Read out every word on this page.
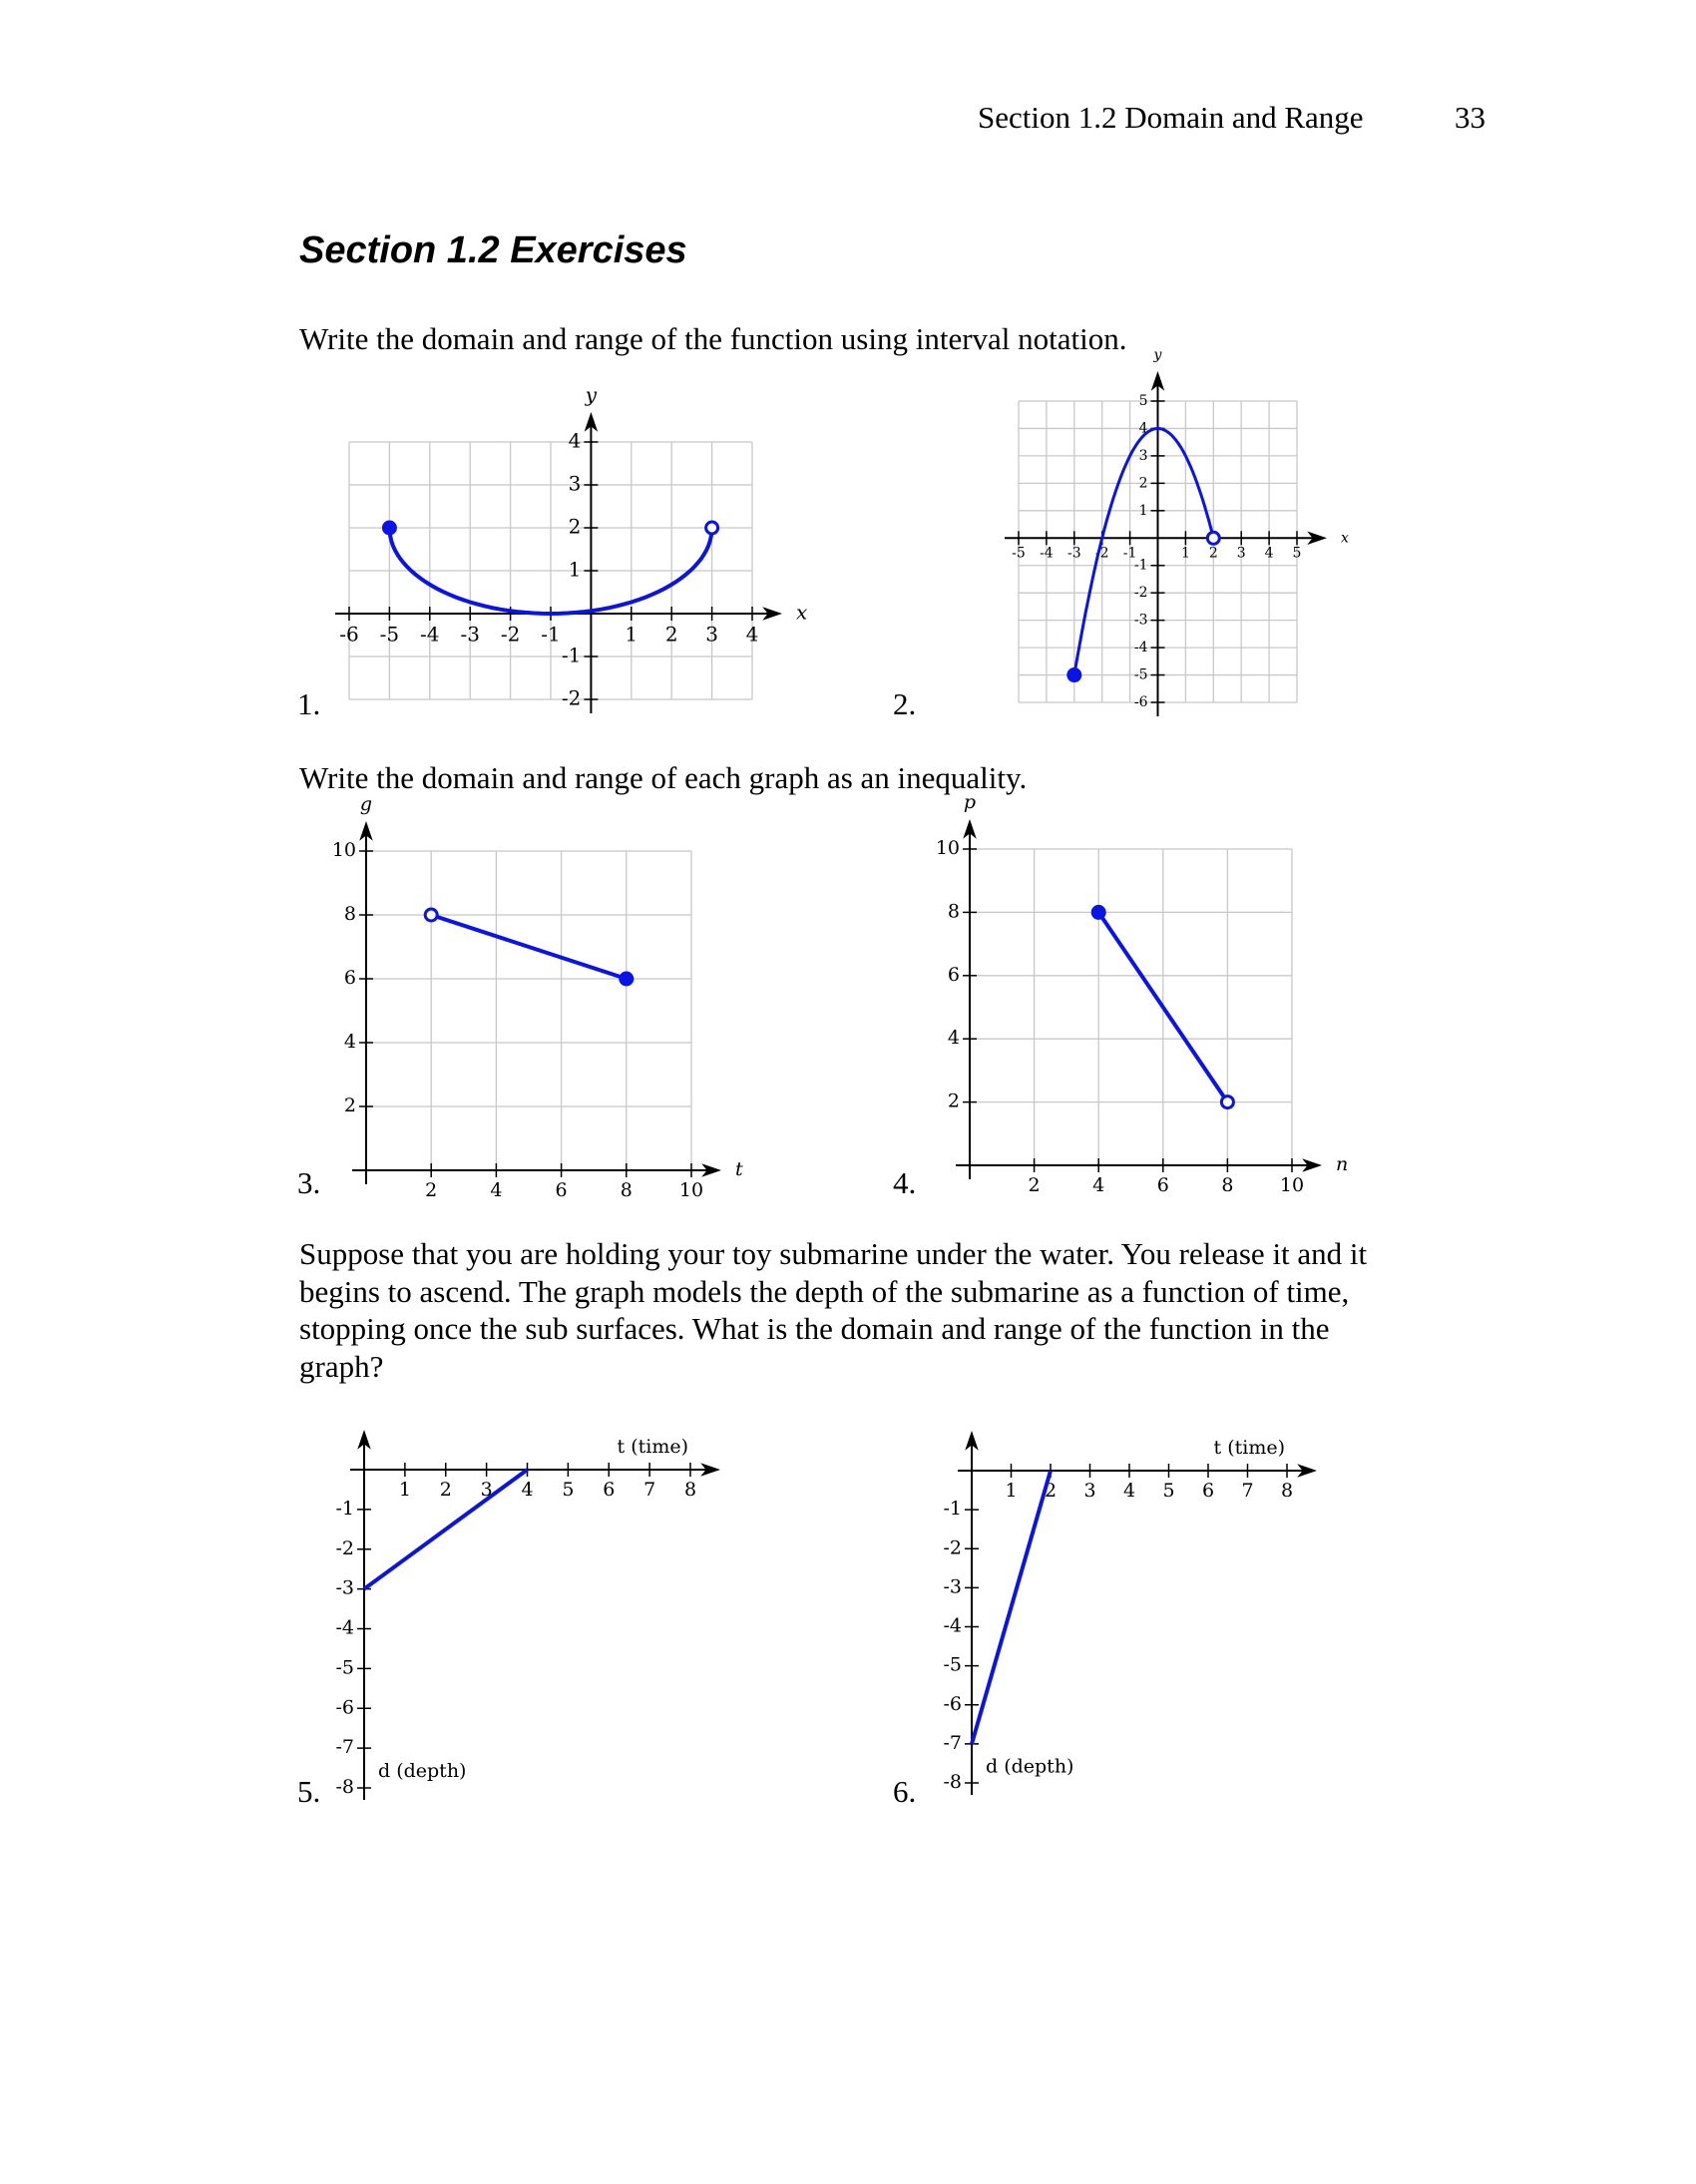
Section 1.2 Domain and Range	33
Section 1.2 Exercises
Write the domain and range of the function using interval notation.
1.	2.
Write the domain and range of each graph as an inequality.
3.	4.
Suppose that you are holding your toy submarine under the water. You release it and it
begins to ascend. The graph models the depth of the submarine as a function of time,
stopping once the sub surfaces. What is the domain and range of the function in the
graph?
5.	6.
-6 -5 -4 -3 -2 -1	1 2 3 4
-2
-1
1
2
3
4
x
y
-5 -4 -3 -2 -1	1 2 3 4 5
-6
-5
-4
-3
-2
-1
1
2
3
4
5
x
y
2	4	6	8 10
2
4
6
8
10
t
g
2	4	6	8 10
2
4
6
8
10
n
p
1 2 3 4 5 6 7 8
-1
-2
-3
-4
-5
-6
-7
-8
t (time)
d (depth)
1 2 3 4 5 6 7 8
-1
-2
-3
-4
-5
-6
-7
-8
t (time)
d (depth)
